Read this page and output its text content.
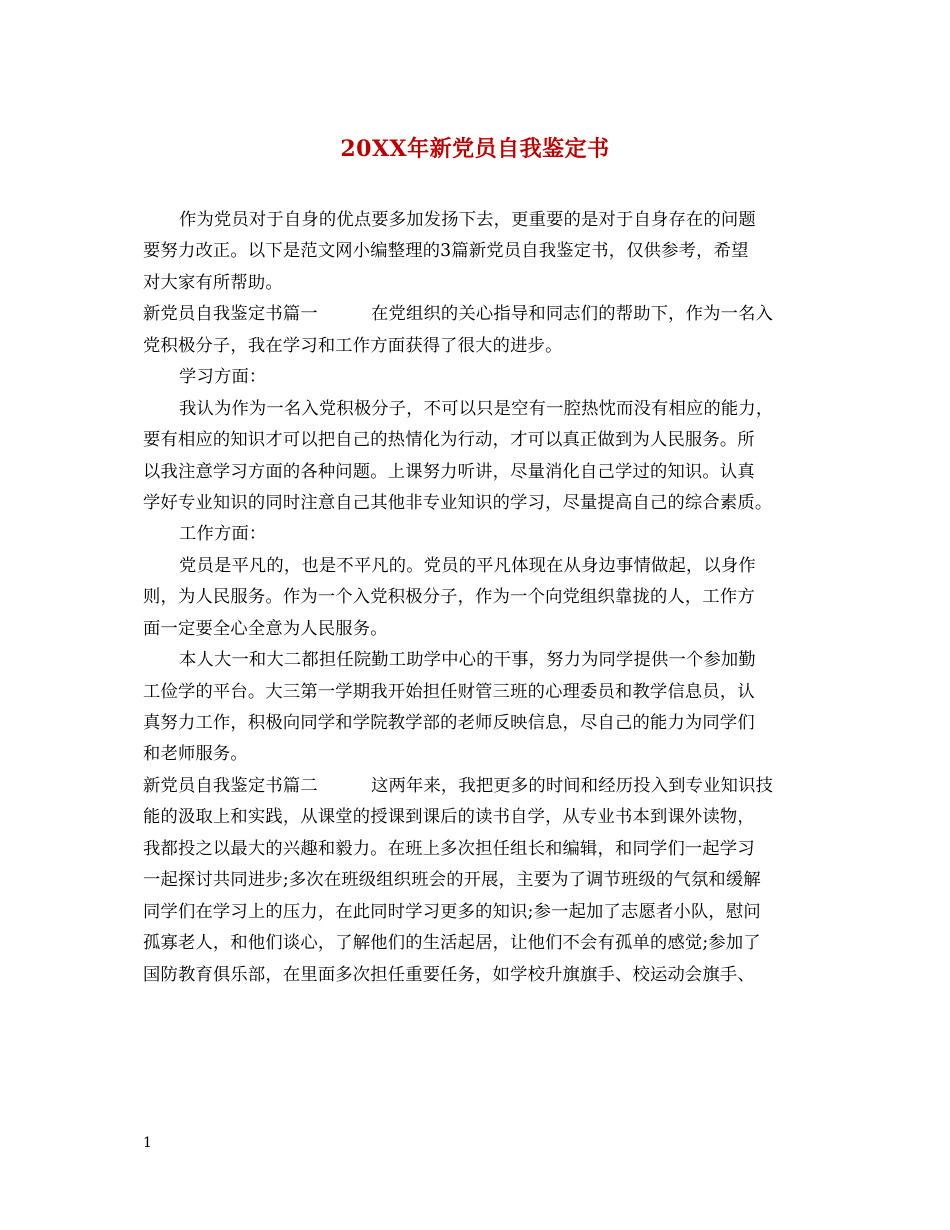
20XX年新党员自我鉴定书
作为党员对于自身的优点要多加发扬下去，更重要的是对于自身存在的问题
要努力改正。以下是范文网小编整理的3篇新党员自我鉴定书，仅供参考，希望
对大家有所帮助。
新党员自我鉴定书篇一	在党组织的关心指导和同志们的帮助下，作为一名入
党积极分子，我在学习和工作方面获得了很大的进步。
学习方面：
我认为作为一名入党积极分子，不可以只是空有一腔热忱而没有相应的能力，
要有相应的知识才可以把自己的热情化为行动，才可以真正做到为人民服务。所
以我注意学习方面的各种问题。上课努力听讲，尽量消化自己学过的知识。认真
学好专业知识的同时注意自己其他非专业知识的学习，尽量提高自己的综合素质。
工作方面：
党员是平凡的，也是不平凡的。党员的平凡体现在从身边事情做起，以身作
则，为人民服务。作为一个入党积极分子，作为一个向党组织靠拢的人，工作方
面一定要全心全意为人民服务。
本人大一和大二都担任院勤工助学中心的干事，努力为同学提供一个参加勤
工俭学的平台。大三第一学期我开始担任财管三班的心理委员和教学信息员，认
真努力工作，积极向同学和学院教学部的老师反映信息，尽自己的能力为同学们
和老师服务。
新党员自我鉴定书篇二	这两年来，我把更多的时间和经历投入到专业知识技
能的汲取上和实践，从课堂的授课到课后的读书自学，从专业书本到课外读物，
我都投之以最大的兴趣和毅力。在班上多次担任组长和编辑，和同学们一起学习
一起探讨共同进步;多次在班级组织班会的开展，主要为了调节班级的气氛和缓解
同学们在学习上的压力，在此同时学习更多的知识;参一起加了志愿者小队，慰问
孤寡老人，和他们谈心，了解他们的生活起居，让他们不会有孤单的感觉;参加了
国防教育俱乐部，在里面多次担任重要任务，如学校升旗旗手、校运动会旗手、
1
